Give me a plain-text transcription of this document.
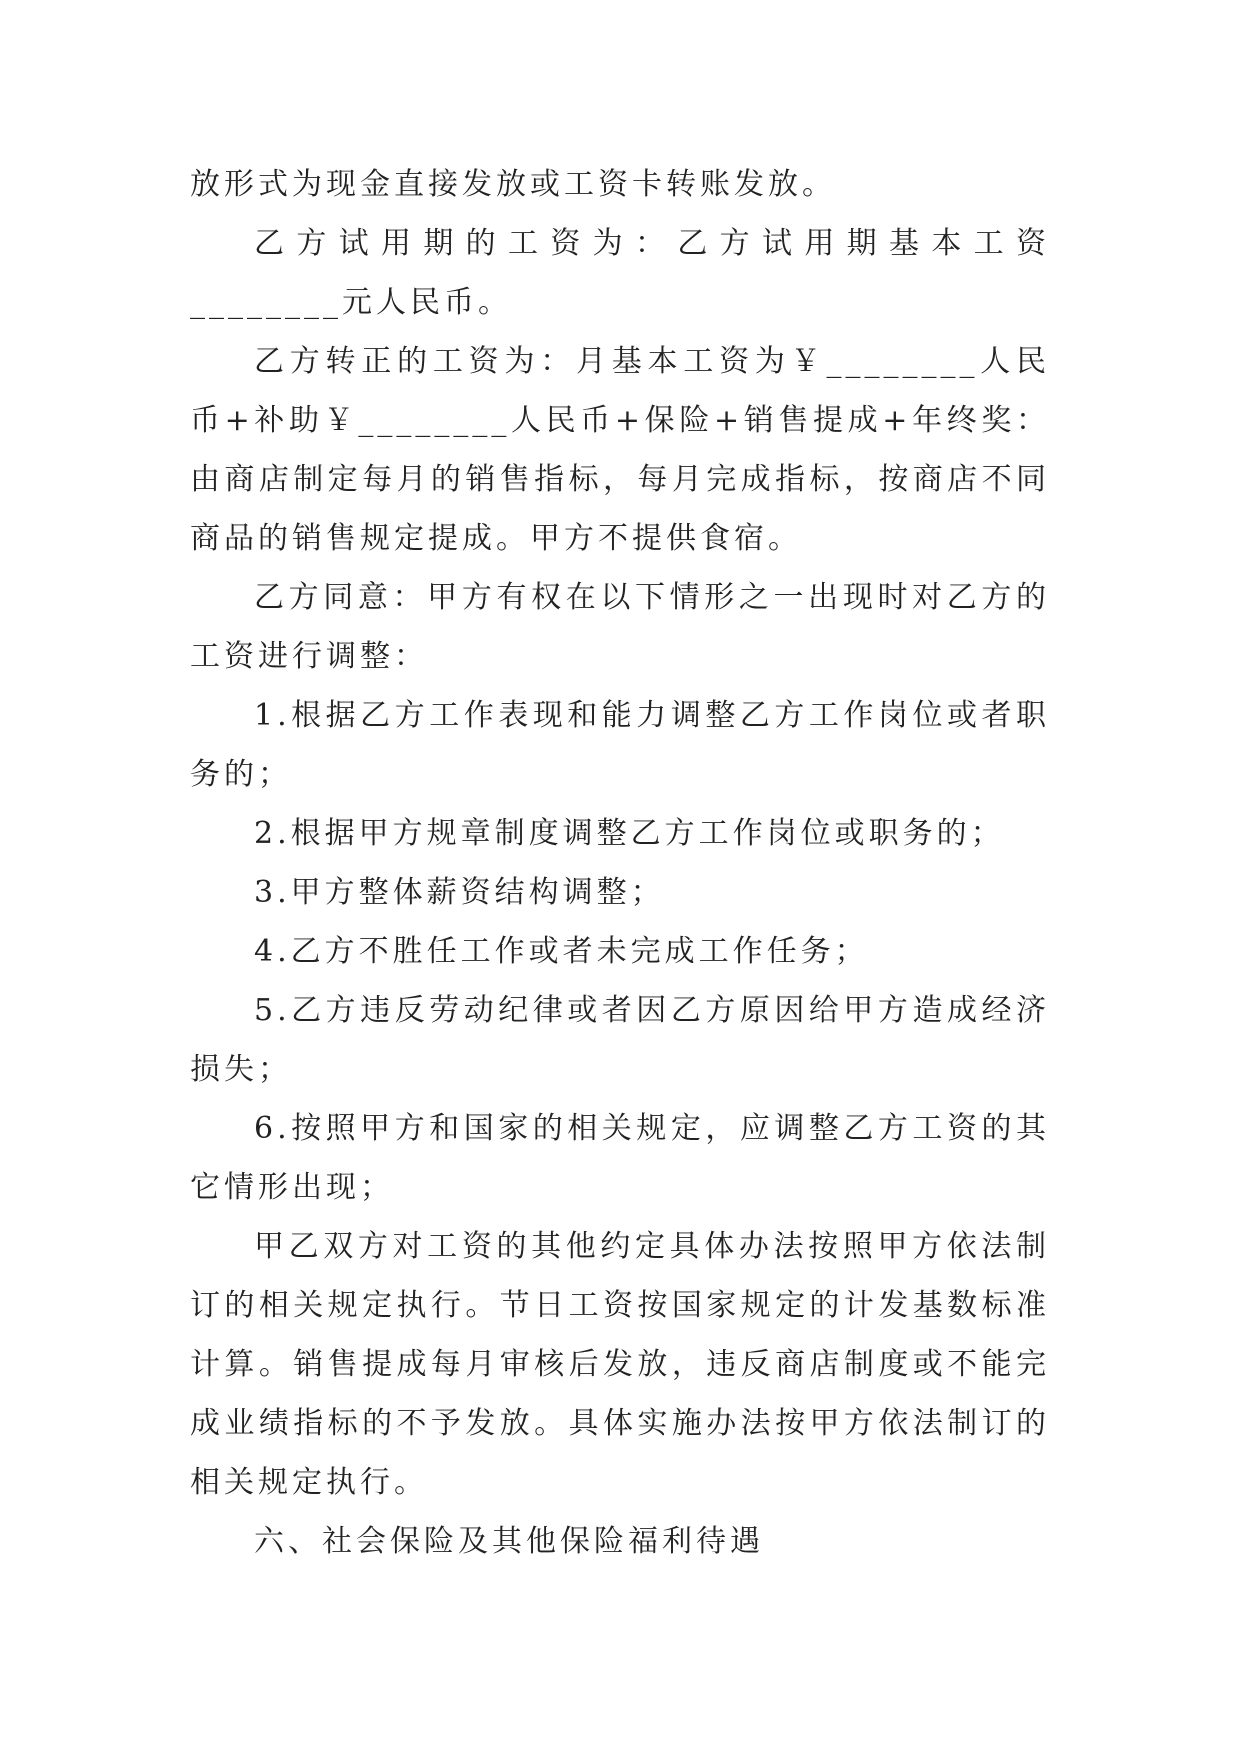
放形式为现金直接发放或工资卡转账发放。

乙方试用期的工资为：乙方试用期基本工资________元人民币。

乙方转正的工资为：月基本工资为￥________人民币+补助￥________人民币+保险+销售提成+年终奖：由商店制定每月的销售指标，每月完成指标，按商店不同商品的销售规定提成。甲方不提供食宿。

乙方同意：甲方有权在以下情形之一出现时对乙方的工资进行调整：

1.根据乙方工作表现和能力调整乙方工作岗位或者职务的；

2.根据甲方规章制度调整乙方工作岗位或职务的；

3.甲方整体薪资结构调整；

4.乙方不胜任工作或者未完成工作任务；

5.乙方违反劳动纪律或者因乙方原因给甲方造成经济损失；

6.按照甲方和国家的相关规定，应调整乙方工资的其它情形出现；

甲乙双方对工资的其他约定具体办法按照甲方依法制订的相关规定执行。节日工资按国家规定的计发基数标准计算。销售提成每月审核后发放，违反商店制度或不能完成业绩指标的不予发放。具体实施办法按甲方依法制订的相关规定执行。

六、社会保险及其他保险福利待遇
